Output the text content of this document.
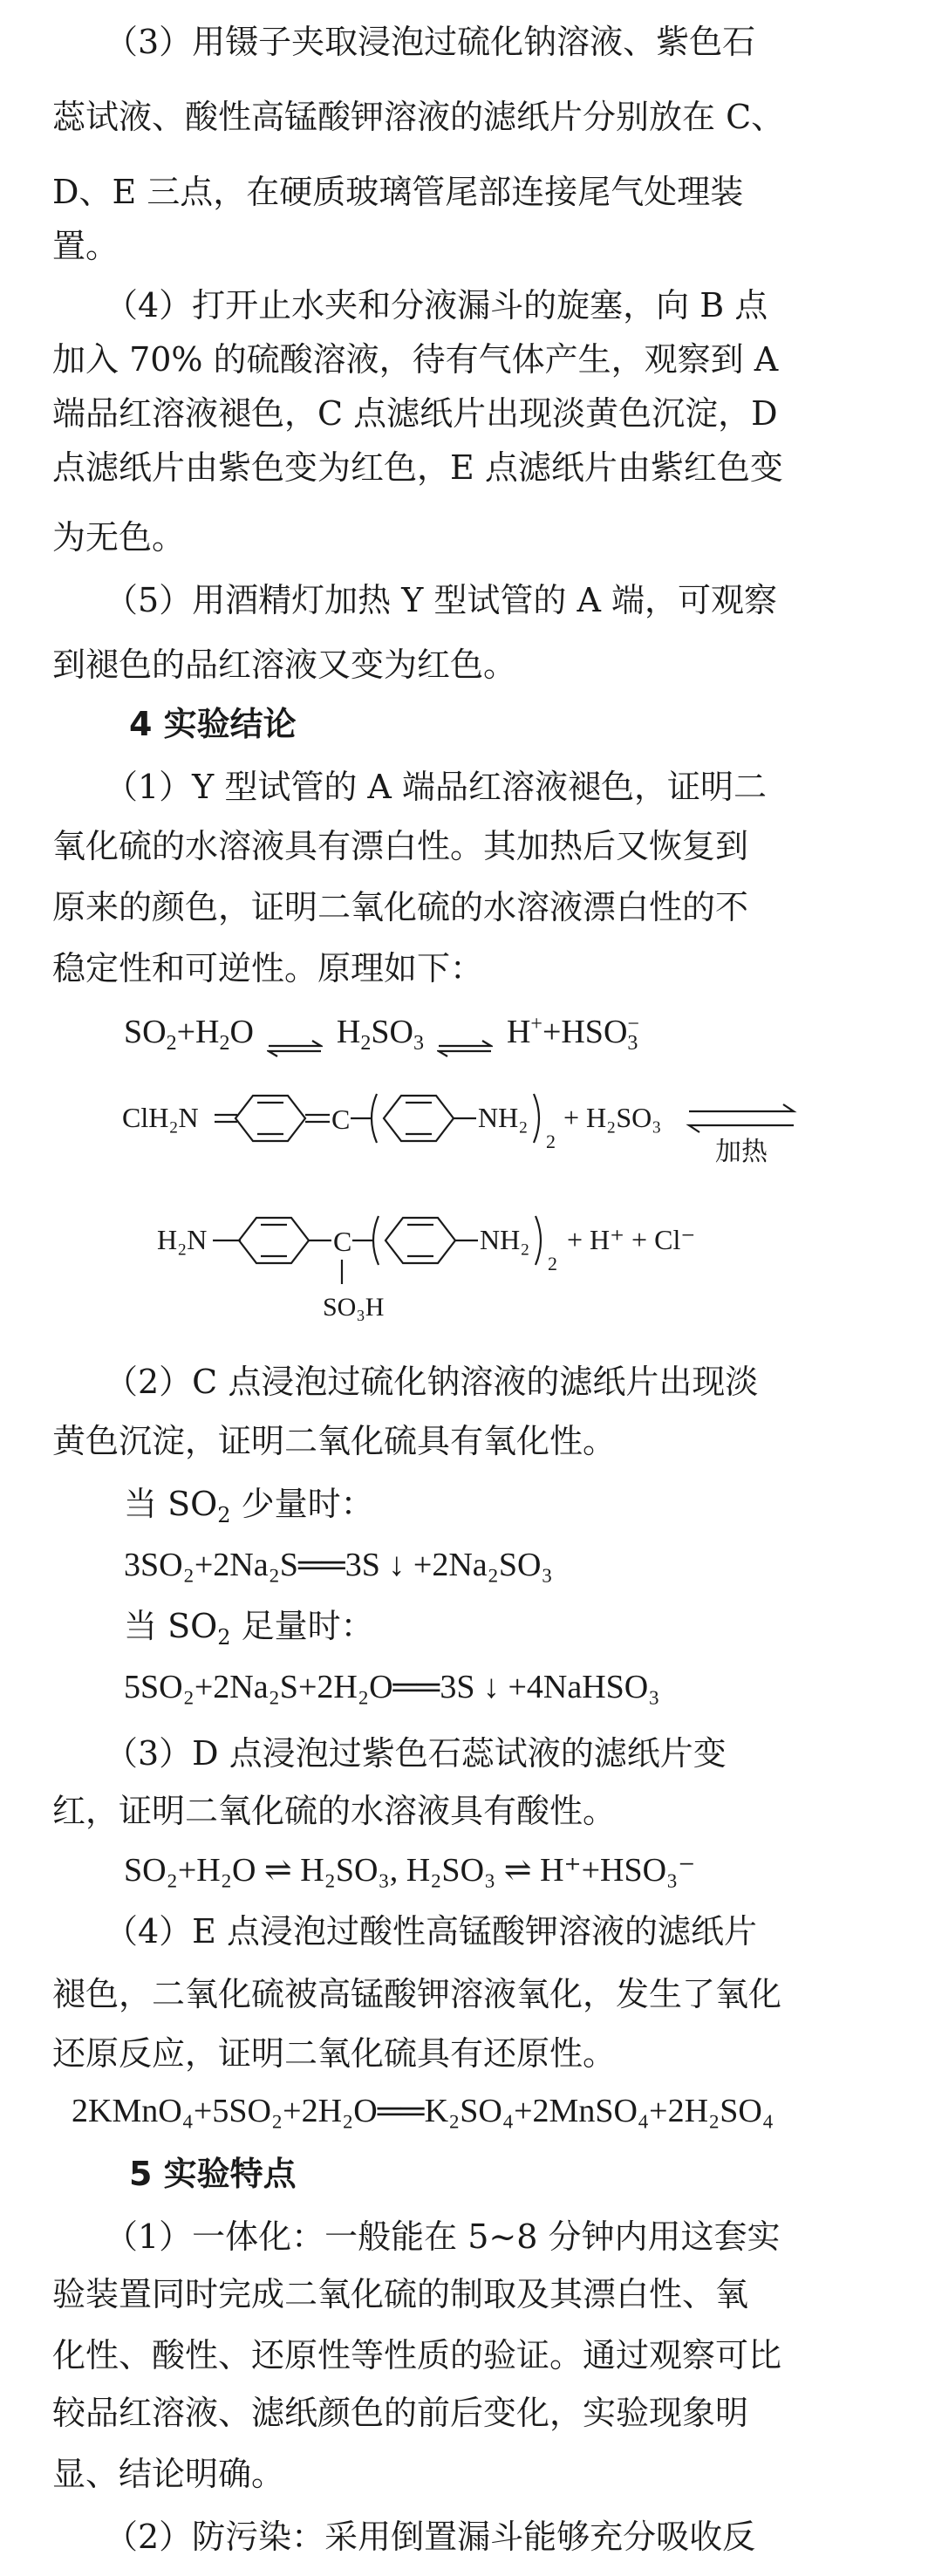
（3）用镊子夹取浸泡过硫化钠溶液、紫色石
蕊试液、酸性高锰酸钾溶液的滤纸片分别放在 C、
D、E 三点，在硬质玻璃管尾部连接尾气处理装
置。
（4）打开止水夹和分液漏斗的旋塞，向 B 点
加入 70% 的硫酸溶液，待有气体产生，观察到 A
端品红溶液褪色，C 点滤纸片出现淡黄色沉淀，D
点滤纸片由紫色变为红色，E 点滤纸片由紫红色变
为无色。
（5）用酒精灯加热 Y 型试管的 A 端，可观察
到褪色的品红溶液又变为红色。
4 实验结论
（1）Y 型试管的 A 端品红溶液褪色，证明二
氧化硫的水溶液具有漂白性。其加热后又恢复到
原来的颜色，证明二氧化硫的水溶液漂白性的不
稳定性和可逆性。原理如下：
$SO_2+H_2O$ ⇌ $H_2SO_3$ ⇌ $H^++HSO_3^-$
ClH₂N	C	NH₂
2
+ H₂SO₃
加热
H₂N	C
SO₃H
NH₂
2
+ H⁺ + Cl⁻
（2）C 点浸泡过硫化钠溶液的滤纸片出现淡
黄色沉淀，证明二氧化硫具有氧化性。
当 $SO_2$ 少量时：
3SO₂+2Na₂S══3S ↓ +2Na₂SO₃
当 $SO_2$ 足量时：
5SO₂+2Na₂S+2H₂O══3S ↓ +4NaHSO₃
（3）D 点浸泡过紫色石蕊试液的滤纸片变
红，证明二氧化硫的水溶液具有酸性。
SO₂+H₂O ⇌ H₂SO₃, H₂SO₃ ⇌ H⁺+HSO₃⁻
（4）E 点浸泡过酸性高锰酸钾溶液的滤纸片
褪色，二氧化硫被高锰酸钾溶液氧化，发生了氧化
还原反应，证明二氧化硫具有还原性。
2KMnO₄+5SO₂+2H₂O══K₂SO₄+2MnSO₄+2H₂SO₄
5 实验特点
（1）一体化：一般能在 5~8 分钟内用这套实
验装置同时完成二氧化硫的制取及其漂白性、氧
化性、酸性、还原性等性质的验证。通过观察可比
较品红溶液、滤纸颜色的前后变化，实验现象明
显、结论明确。
（2）防污染：采用倒置漏斗能够充分吸收反
